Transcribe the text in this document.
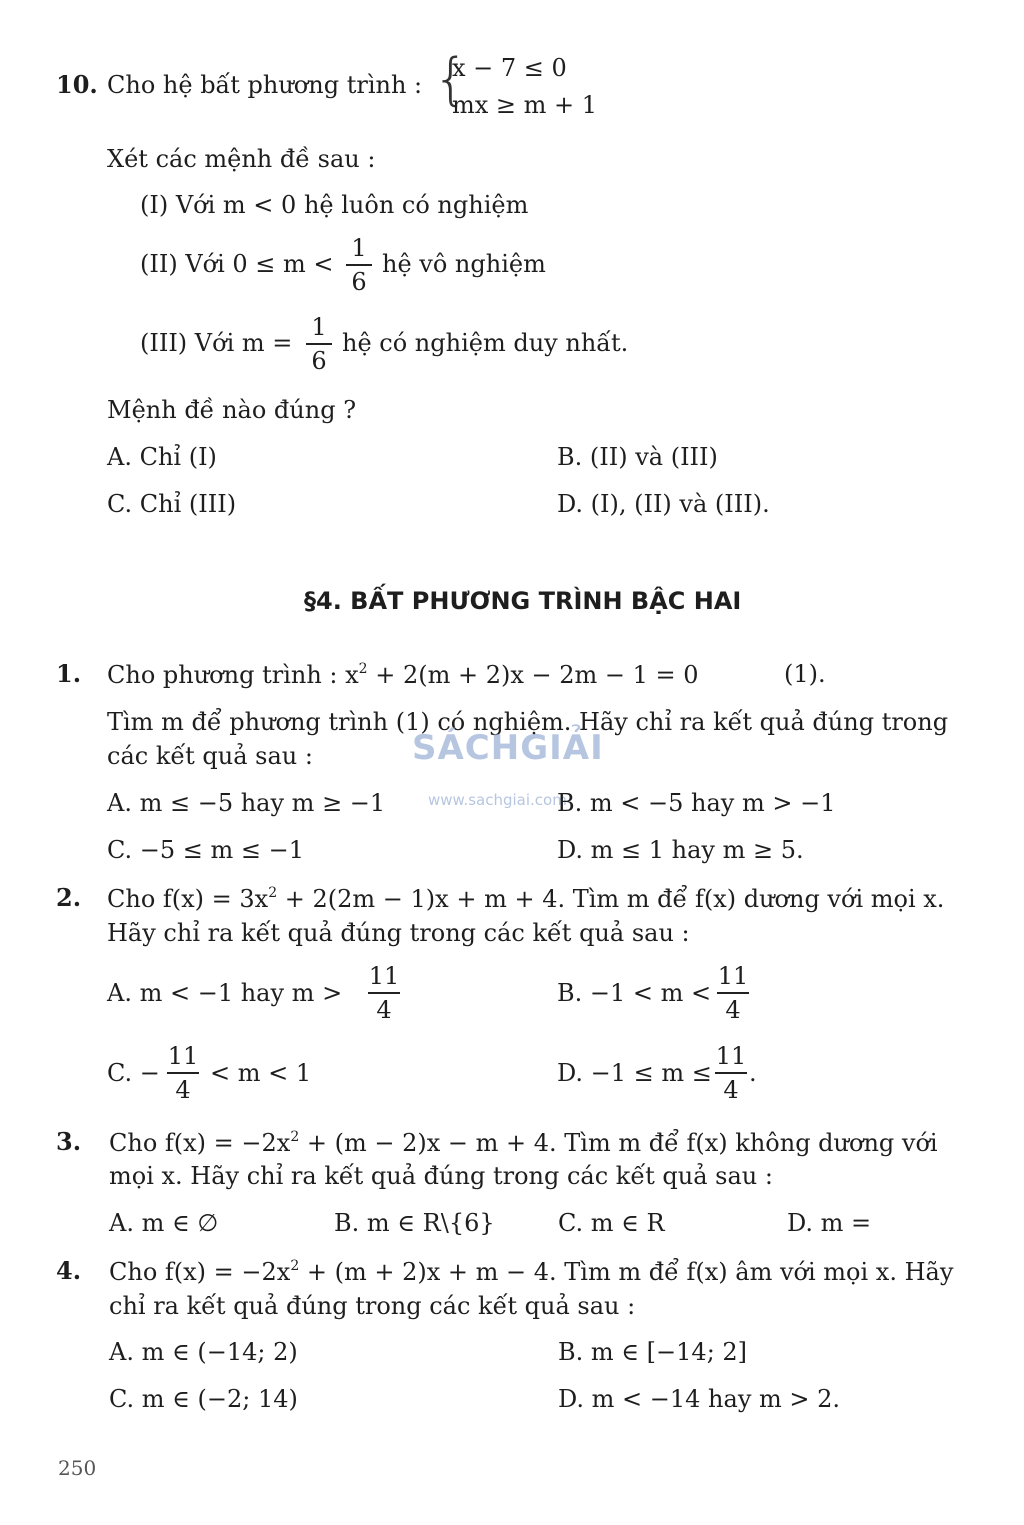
10. Cho hệ bất phương trình : {
x − 7 ≤ 0
mx ≥ m + 1
Xét các mệnh đề sau :
(I) Với m < 0 hệ luôn có nghiệm
(II) Với 0 ≤ m <
1
6
hệ vô nghiệm
(III) Với m =
1
6
hệ có nghiệm duy nhất.
Mệnh đề nào đúng ?
A. Chỉ (I)	B. (II) và (III)
C. Chỉ (III)	D. (I), (II) và (III).
§4. BẤT PHƯƠNG TRÌNH BẬC HAI
1. Cho phương trình : $x^2 + 2(m + 2)x - 2m - 1 = 0$	(1).
Tìm m để phương trình (1) có nghiệm. Hãy chỉ ra kết quả đúng trong
các kết quả sau :	SÁCHGIẢI
www.sachgiai.com
A. m ≤ −5 hay m ≥ −1	B. m < −5 hay m > −1
C. −5 ≤ m ≤ −1	D. m ≤ 1 hay m ≥ 5.
2. Cho $f(x) = 3x^2 + 2(2m - 1)x + m + 4$. Tìm m để f(x) dương với mọi x.
Hãy chỉ ra kết quả đúng trong các kết quả sau :
A. m < −1 hay m >
11
4
B. −1 < m <
11
4
C. −
11
4
< m < 1	D. −1 ≤ m ≤
11
4
.
3. Cho $f(x) = -2x^2 + (m - 2)x - m + 4$. Tìm m để f(x) không dương với
mọi x. Hãy chỉ ra kết quả đúng trong các kết quả sau :
A. m ∈ ∅	B. m ∈ R\{6}	C. m ∈ R	D. m =
4. Cho $f(x) = -2x^2 + (m + 2)x + m - 4$. Tìm m để f(x) âm với mọi x. Hãy
chỉ ra kết quả đúng trong các kết quả sau :
A. m ∈ (−14; 2)	B. m ∈ [−14; 2]
C. m ∈ (−2; 14)	D. m < −14 hay m > 2.
250
